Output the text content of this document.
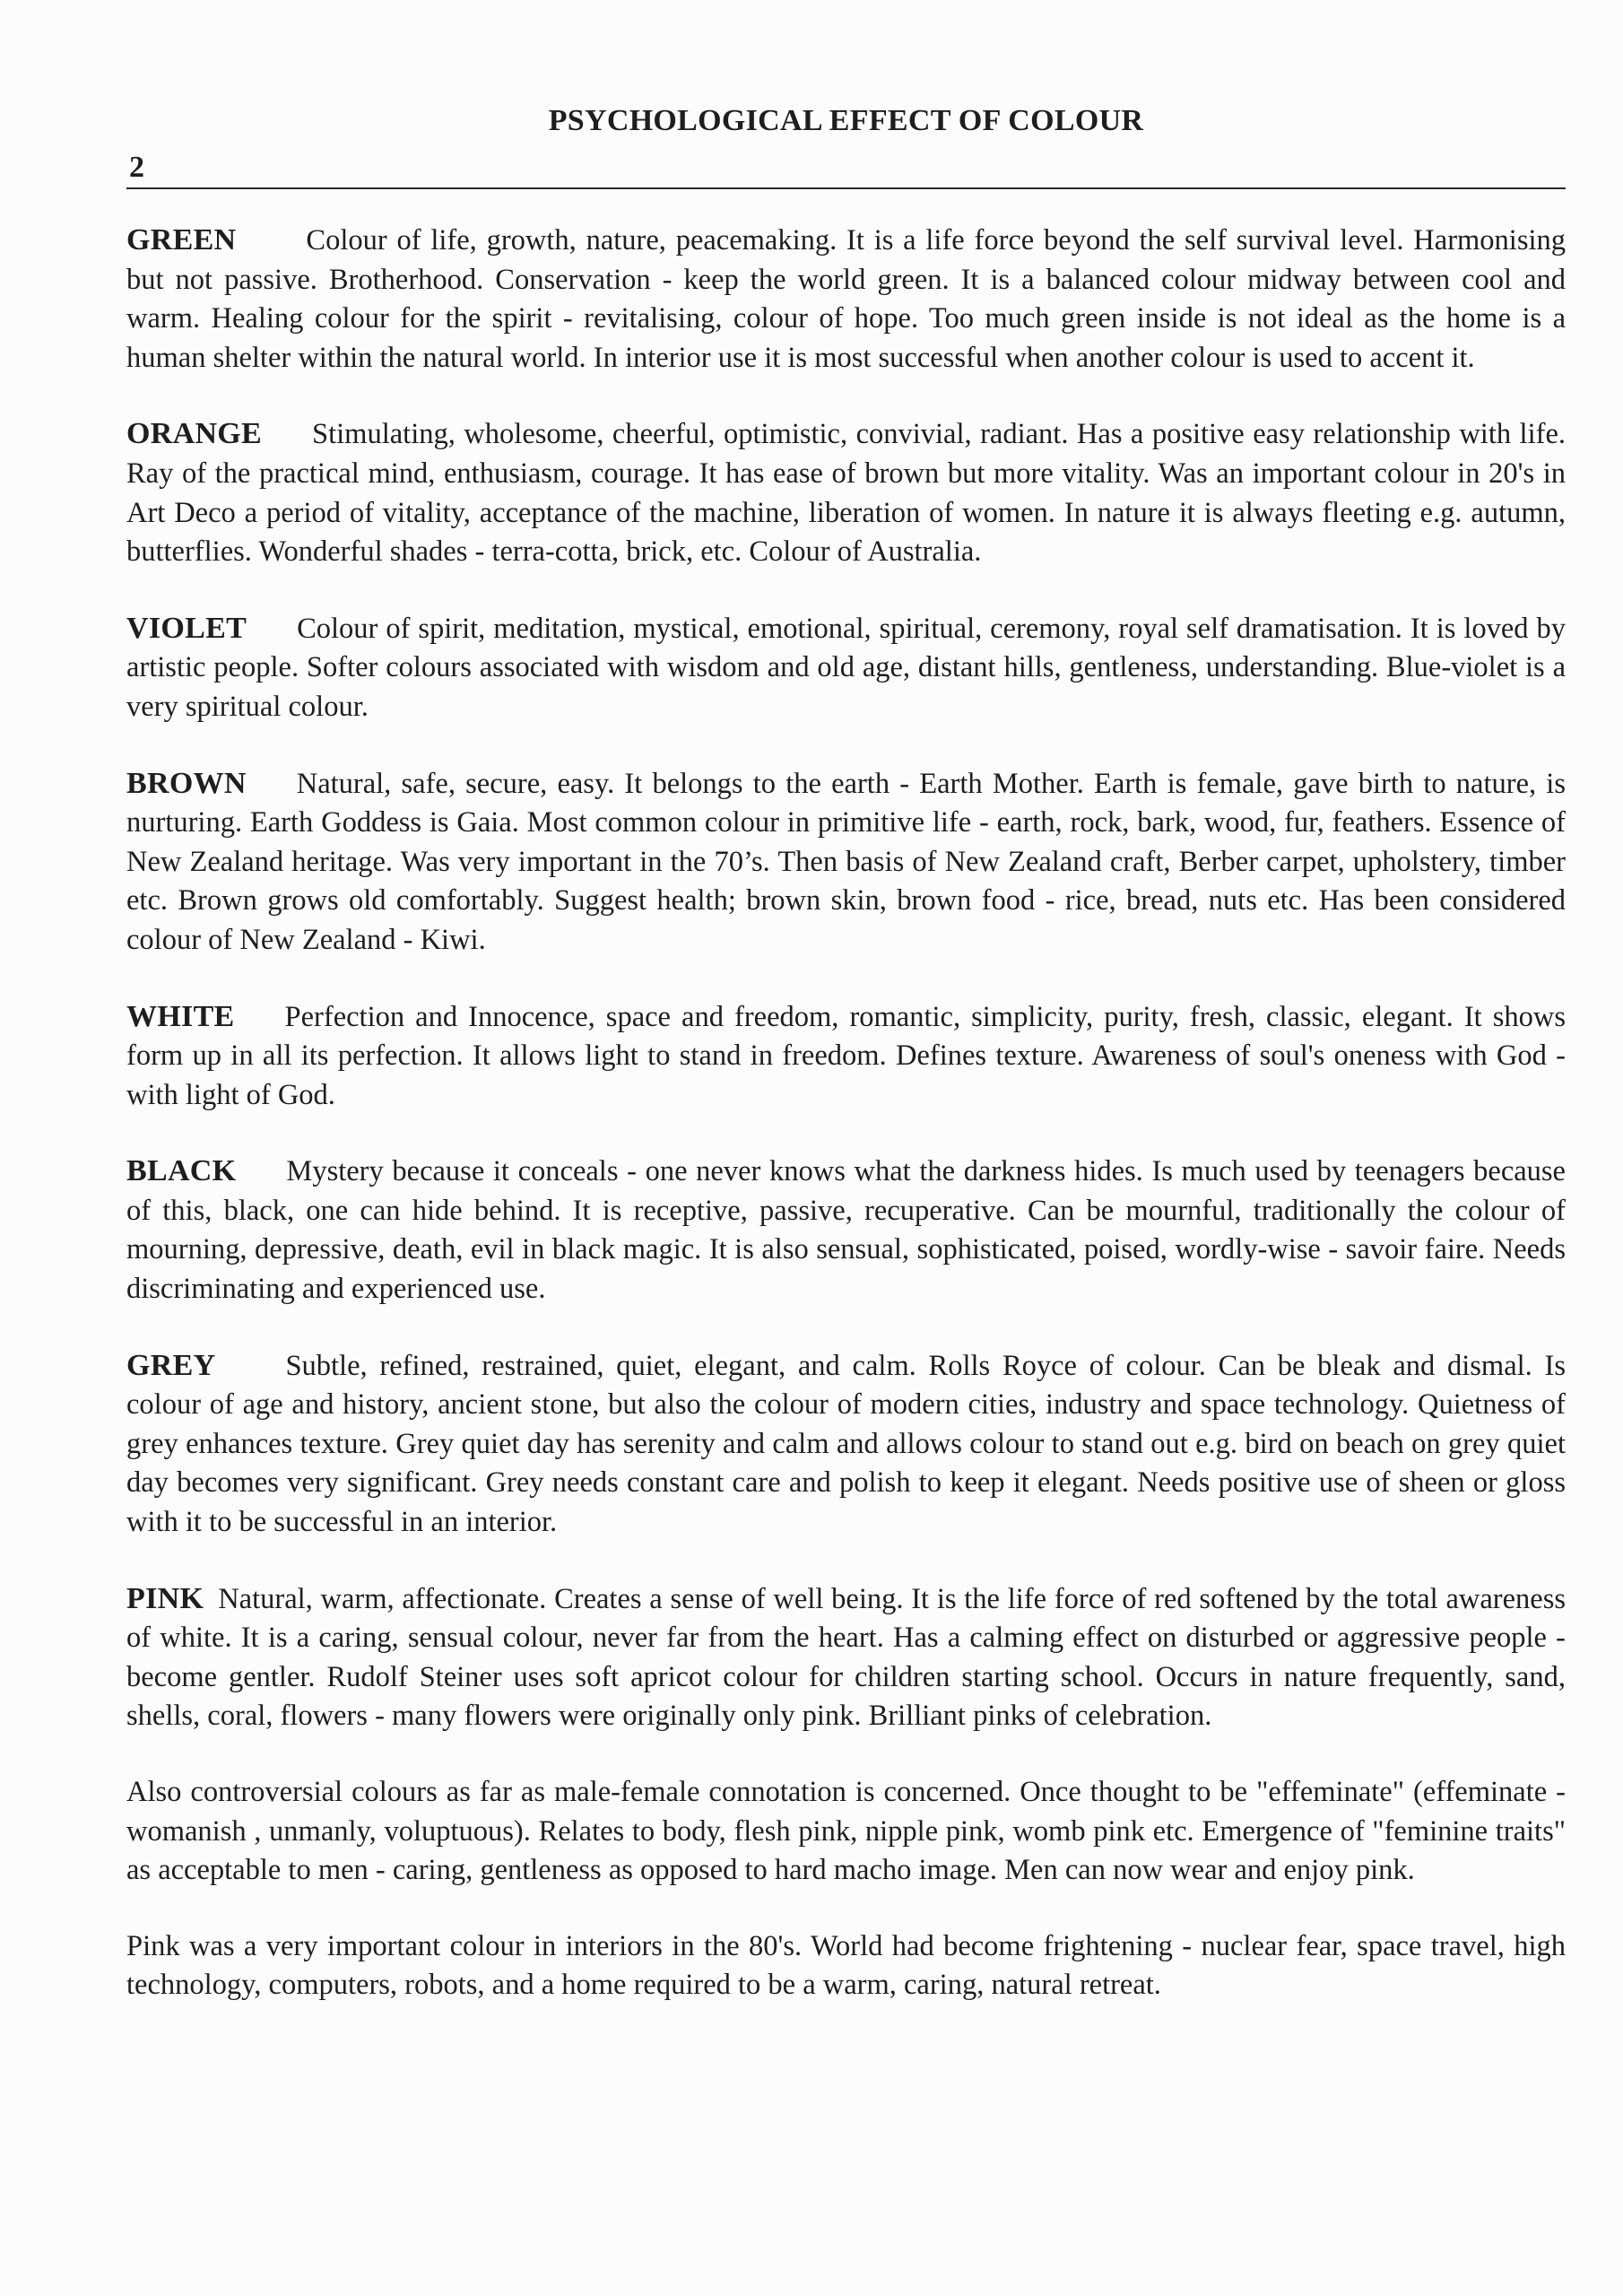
PSYCHOLOGICAL EFFECT OF COLOUR
2

GREEN Colour of life, growth, nature, peacemaking. It is a life force beyond the self survival level. Harmonising but not passive. Brotherhood. Conservation - keep the world green. It is a balanced colour midway between cool and warm. Healing colour for the spirit - revitalising, colour of hope. Too much green inside is not ideal as the home is a human shelter within the natural world. In interior use it is most successful when another colour is used to accent it.

ORANGE Stimulating, wholesome, cheerful, optimistic, convivial, radiant. Has a positive easy relationship with life. Ray of the practical mind, enthusiasm, courage. It has ease of brown but more vitality. Was an important colour in 20's in Art Deco a period of vitality, acceptance of the machine, liberation of women. In nature it is always fleeting e.g. autumn, butterflies. Wonderful shades - terra-cotta, brick, etc. Colour of Australia.

VIOLET Colour of spirit, meditation, mystical, emotional, spiritual, ceremony, royal self dramatisation. It is loved by artistic people. Softer colours associated with wisdom and old age, distant hills, gentleness, understanding. Blue-violet is a very spiritual colour.

BROWN Natural, safe, secure, easy. It belongs to the earth - Earth Mother. Earth is female, gave birth to nature, is nurturing. Earth Goddess is Gaia. Most common colour in primitive life - earth, rock, bark, wood, fur, feathers. Essence of New Zealand heritage. Was very important in the 70’s. Then basis of New Zealand craft, Berber carpet, upholstery, timber etc. Brown grows old comfortably. Suggest health; brown skin, brown food - rice, bread, nuts etc. Has been considered colour of New Zealand - Kiwi.

WHITE Perfection and Innocence, space and freedom, romantic, simplicity, purity, fresh, classic, elegant. It shows form up in all its perfection. It allows light to stand in freedom. Defines texture. Awareness of soul's oneness with God - with light of God.

BLACK Mystery because it conceals - one never knows what the darkness hides. Is much used by teenagers because of this, black, one can hide behind. It is receptive, passive, recuperative. Can be mournful, traditionally the colour of mourning, depressive, death, evil in black magic. It is also sensual, sophisticated, poised, wordly-wise - savoir faire. Needs discriminating and experienced use.

GREY Subtle, refined, restrained, quiet, elegant, and calm. Rolls Royce of colour. Can be bleak and dismal. Is colour of age and history, ancient stone, but also the colour of modern cities, industry and space technology. Quietness of grey enhances texture. Grey quiet day has serenity and calm and allows colour to stand out e.g. bird on beach on grey quiet day becomes very significant. Grey needs constant care and polish to keep it elegant. Needs positive use of sheen or gloss with it to be successful in an interior.

PINK Natural, warm, affectionate. Creates a sense of well being. It is the life force of red softened by the total awareness of white. It is a caring, sensual colour, never far from the heart. Has a calming effect on disturbed or aggressive people - become gentler. Rudolf Steiner uses soft apricot colour for children starting school. Occurs in nature frequently, sand, shells, coral, flowers - many flowers were originally only pink. Brilliant pinks of celebration.

Also controversial colours as far as male-female connotation is concerned. Once thought to be "effeminate" (effeminate - womanish , unmanly, voluptuous). Relates to body, flesh pink, nipple pink, womb pink etc. Emergence of "feminine traits" as acceptable to men - caring, gentleness as opposed to hard macho image. Men can now wear and enjoy pink.

Pink was a very important colour in interiors in the 80's. World had become frightening - nuclear fear, space travel, high technology, computers, robots, and a home required to be a warm, caring, natural retreat.
